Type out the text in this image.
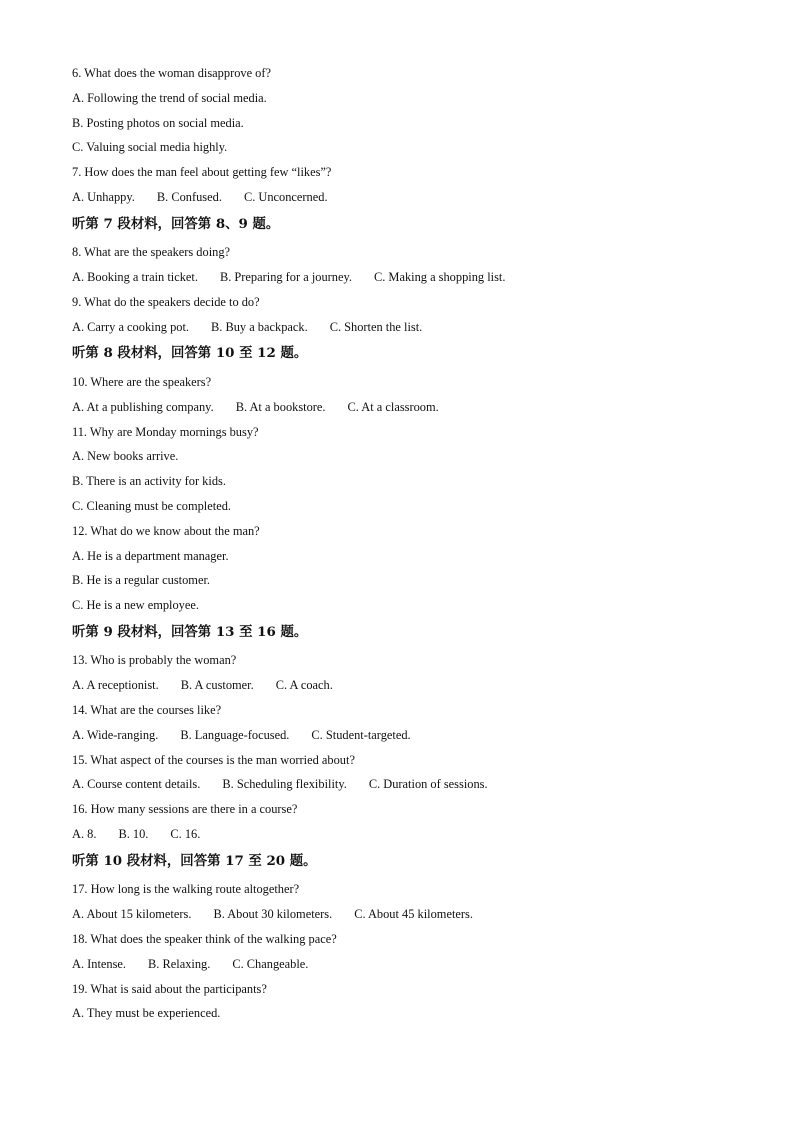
6. What does the woman disapprove of?
A. Following the trend of social media.
B. Posting photos on social media.
C. Valuing social media highly.
7. How does the man feel about getting few “likes”?
A. Unhappy. B. Confused. C. Unconcerned.
听第 7 段材料，回答第 8、9 题。
8. What are the speakers doing?
A. Booking a train ticket. B. Preparing for a journey. C. Making a shopping list.
9. What do the speakers decide to do?
A. Carry a cooking pot. B. Buy a backpack. C. Shorten the list.
听第 8 段材料，回答第 10 至 12 题。
10. Where are the speakers?
A. At a publishing company. B. At a bookstore. C. At a classroom.
11. Why are Monday mornings busy?
A. New books arrive.
B. There is an activity for kids.
C. Cleaning must be completed.
12. What do we know about the man?
A. He is a department manager.
B. He is a regular customer.
C. He is a new employee.
听第 9 段材料，回答第 13 至 16 题。
13. Who is probably the woman?
A. A receptionist. B. A customer. C. A coach.
14. What are the courses like?
A. Wide-ranging. B. Language-focused. C. Student-targeted.
15. What aspect of the courses is the man worried about?
A. Course content details. B. Scheduling flexibility. C. Duration of sessions.
16. How many sessions are there in a course?
A. 8. B. 10. C. 16.
听第 10 段材料，回答第 17 至 20 题。
17. How long is the walking route altogether?
A. About 15 kilometers. B. About 30 kilometers. C. About 45 kilometers.
18. What does the speaker think of the walking pace?
A. Intense. B. Relaxing. C. Changeable.
19. What is said about the participants?
A. They must be experienced.
